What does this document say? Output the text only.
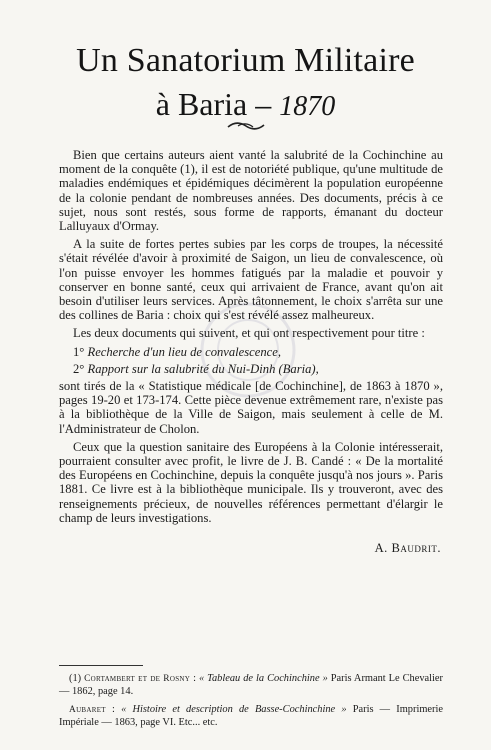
Un Sanatorium Militaire
à Baria – 1870

Bien que certains auteurs aient vanté la salubrité de la Cochinchine au moment de la conquête (1), il est de notoriété publique, qu'une multitude de maladies endémiques et épidémiques décimèrent la population européenne de la colonie pendant de nombreuses années. Des documents, précis à ce sujet, nous sont restés, sous forme de rapports, émanant du docteur Lalluyaux d'Ormay.

A la suite de fortes pertes subies par les corps de troupes, la nécessité s'était révélée d'avoir à proximité de Saigon, un lieu de convalescence, où l'on puisse envoyer les hommes fatigués par la maladie et pouvoir y conserver en bonne santé, ceux qui arrivaient de France, avant qu'on ait besoin d'utiliser leurs services. Après tâtonnement, le choix s'arrêta sur une des collines de Baria : choix qui s'est révélé assez malheureux.

Les deux documents qui suivent, et qui ont respectivement pour titre :

1° Recherche d'un lieu de convalescence,

2° Rapport sur la salubrité du Nui-Dinh (Baria),

sont tirés de la « Statistique médicale [de Cochinchine], de 1863 à 1870 », pages 19-20 et 173-174. Cette pièce devenue extrêmement rare, n'existe pas à la bibliothèque de la Ville de Saigon, mais seulement à celle de M. l'Administrateur de Cholon.

Ceux que la question sanitaire des Européens à la Colonie intéresserait, pourraient consulter avec profit, le livre de J. B. Candé : « De la mortalité des Européens en Cochinchine, depuis la conquête jusqu'à nos jours ». Paris 1881. Ce livre est à la bibliothèque municipale. Ils y trouveront, avec des renseignements précieux, de nouvelles références permettant d'élargir le champ de leurs investigations.

A. Baudrit.

(1) Cortambert et de Rosny : « Tableau de la Cochinchine » Paris Armant Le Chevalier — 1862, page 14.

Aubaret : « Histoire et description de Basse-Cochinchine » Paris — Imprimerie Impériale — 1863, page VI. Etc... etc.
